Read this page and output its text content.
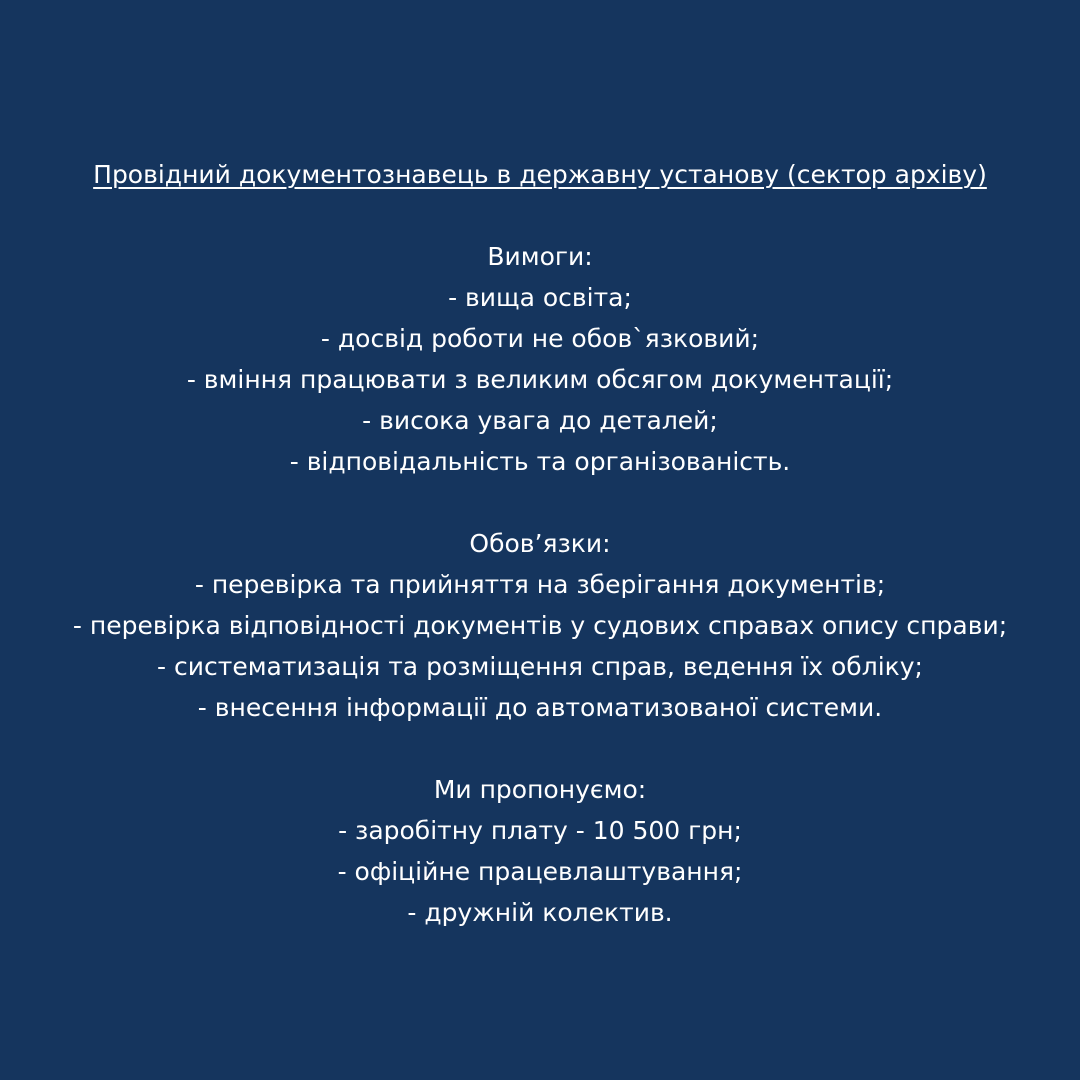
Провідний документознавець в державну установу (сектор архіву)
Вимоги:
- вища освіта;
- досвід роботи не обов`язковий;
- вміння працювати з великим обсягом документації;
- висока увага до деталей;
- відповідальність та організованість.
Обов’язки:
- перевірка та прийняття на зберігання документів;
- перевірка відповідності документів у судових справах опису справи;
- систематизація та розміщення справ, ведення їх обліку;
- внесення інформації до автоматизованої системи.
Ми пропонуємо:
- заробітну плату - 10 500 грн;
- офіційне працевлаштування;
- дружній колектив.
